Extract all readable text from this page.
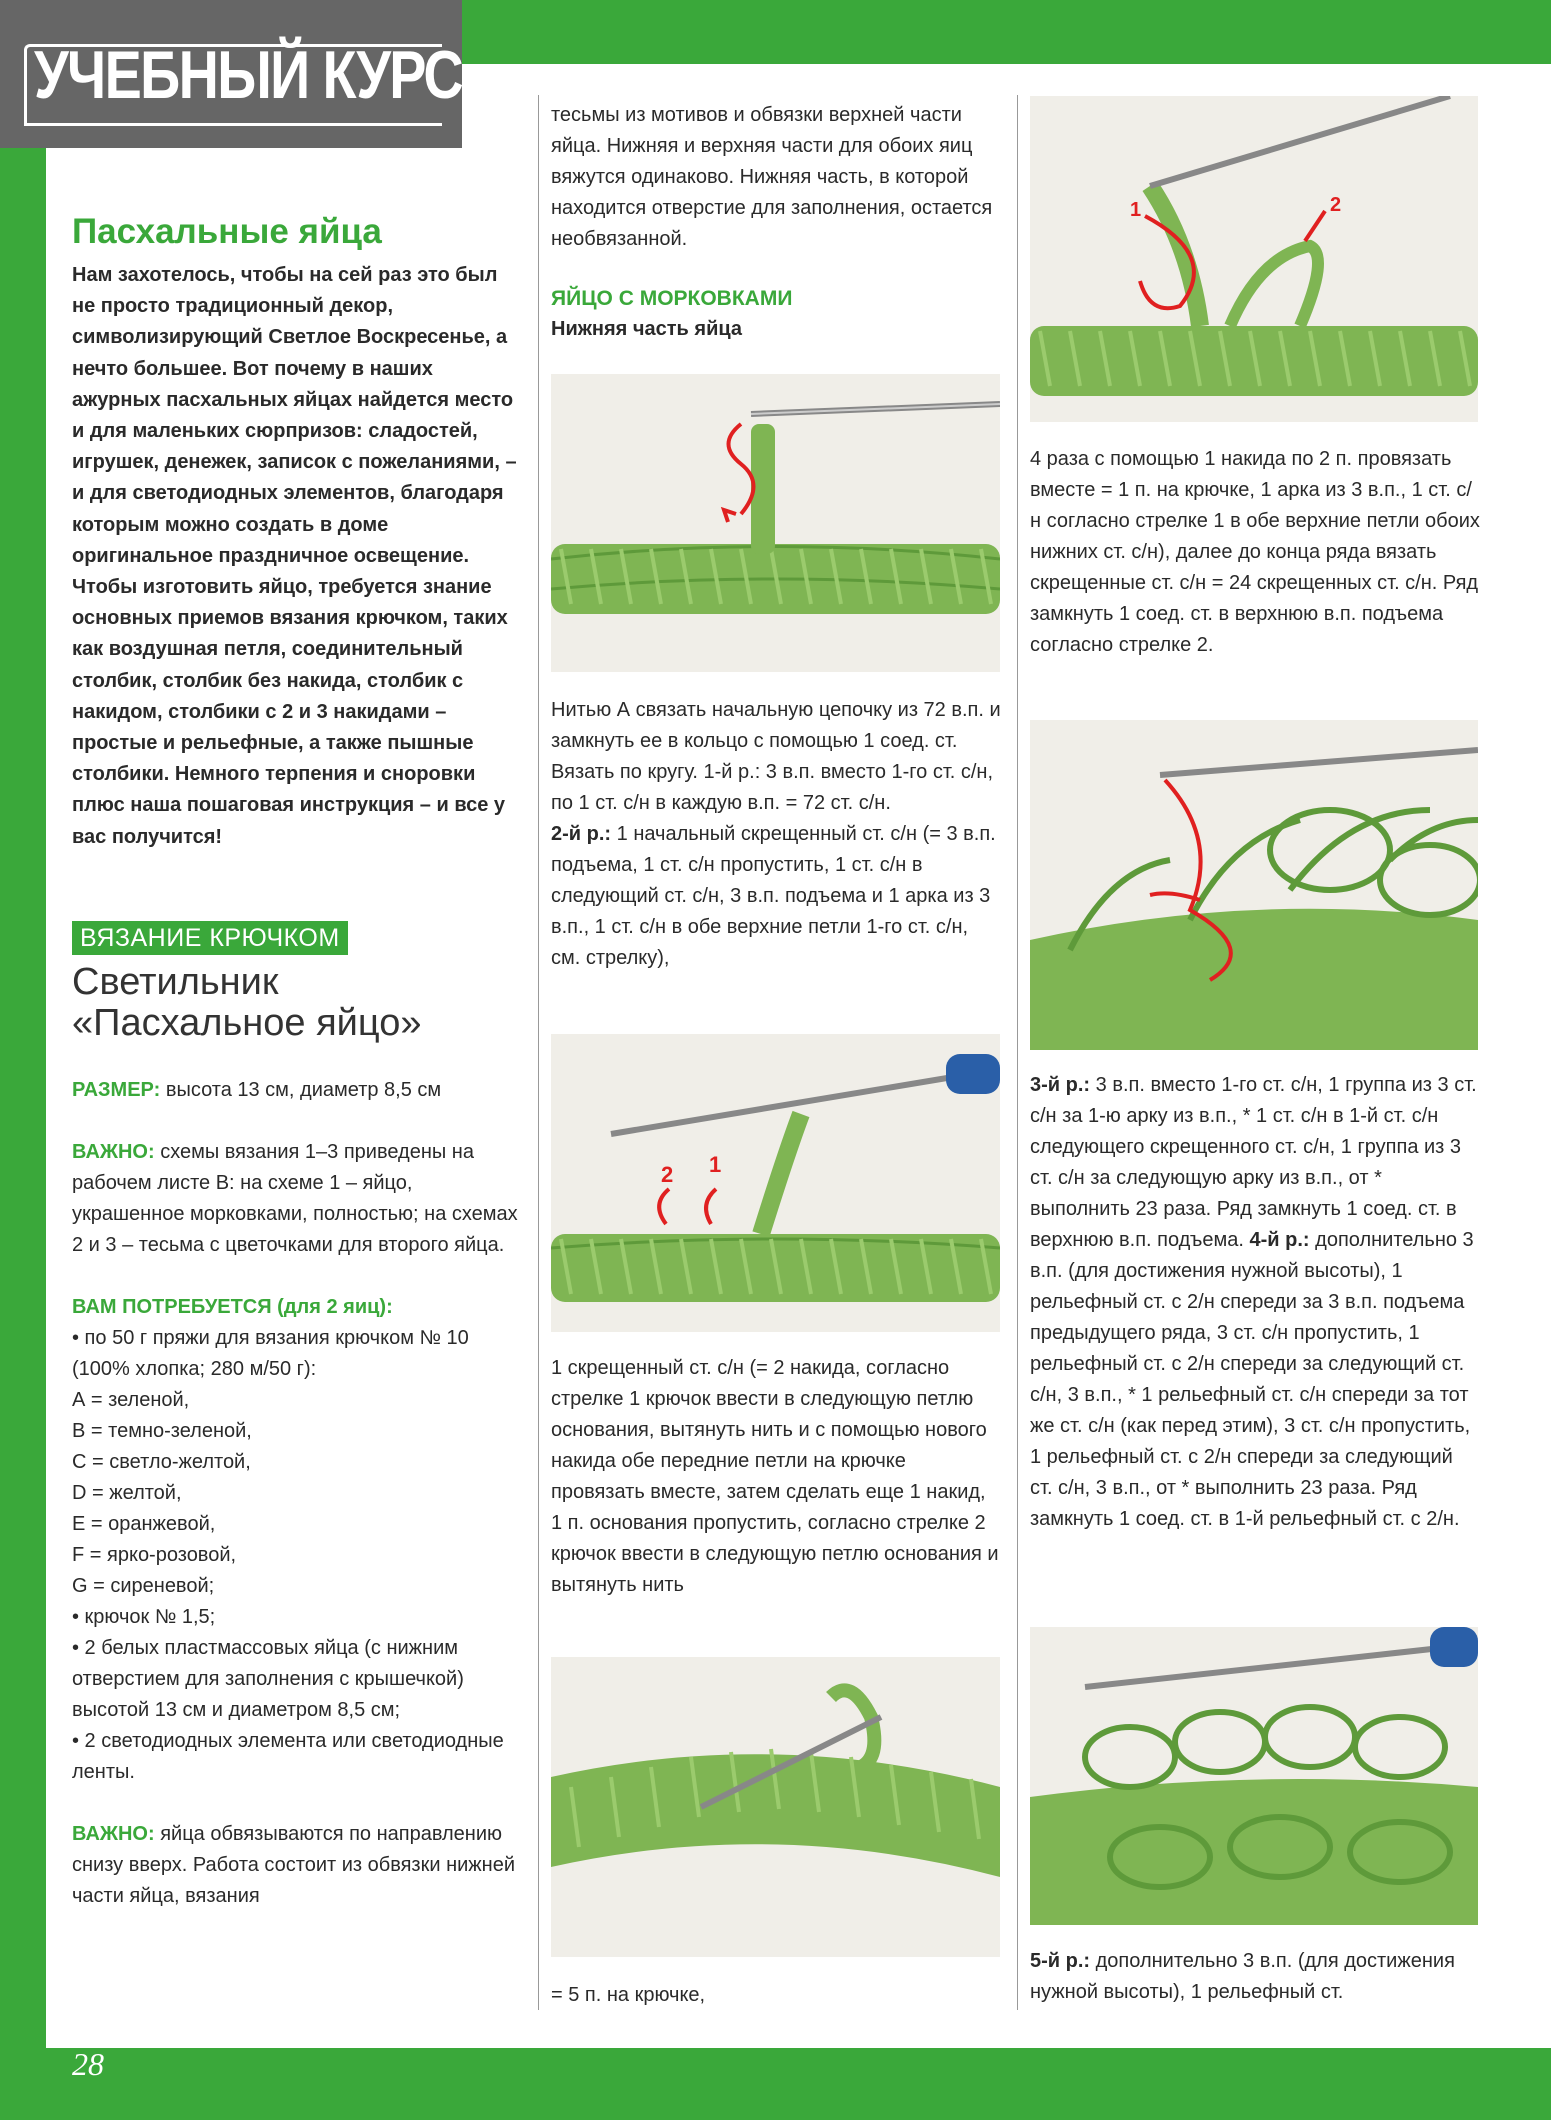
УЧЕБНЫЙ КУРС
Пасхальные яйца

Нам захотелось, чтобы на сей раз это был не просто традиционный декор, символизирующий Светлое Воскресенье, а нечто большее. Вот почему в наших ажурных пасхальных яйцах найдется место и для маленьких сюрпризов: сладостей, игрушек, денежек, записок с пожеланиями, – и для светодиодных элементов, благодаря которым можно создать в доме оригинальное праздничное освещение. Чтобы изготовить яйцо, требуется знание основных приемов вязания крючком, таких как воздушная петля, соединительный столбик, столбик без накида, столбик с накидом, столбики с 2 и 3 накидами – простые и рельефные, а также пышные столбики. Немного терпения и сноровки плюс наша пошаговая инструкция – и все у вас получится!

ВЯЗАНИЕ КРЮЧКОМ
Светильник
«Пасхальное яйцо»

РАЗМЕР: высота 13 см, диаметр 8,5 см

ВАЖНО: схемы вязания 1–3 приведены на рабочем листе В: на схеме 1 – яйцо, украшенное морковками, полностью; на схемах 2 и 3 – тесьма с цветочками для второго яйца.

ВАМ ПОТРЕБУЕТСЯ (для 2 яиц):

• по 50 г пряжи для вязания крючком № 10 (100% хлопка; 280 м/50 г):

А = зеленой,

В = темно-зеленой,

С = светло-желтой,

D = желтой,

Е = оранжевой,

F = ярко-розовой,

G = сиреневой;

• крючок № 1,5;

• 2 белых пластмассовых яйца (с нижним отверстием для заполнения с крышечкой) высотой 13 см и диаметром 8,5 см;

• 2 светодиодных элемента или светодиодные ленты.

ВАЖНО: яйца обвязываются по направлению снизу вверх. Работа состоит из обвязки нижней части яйца, вязания

тесьмы из мотивов и обвязки верхней части яйца. Нижняя и верхняя части для обоих яиц вяжутся одинаково. Нижняя часть, в которой находится отверстие для заполнения, остается необвязанной.

ЯЙЦО С МОРКОВКАМИ

Нижняя часть яйца

Нитью А связать начальную цепочку из 72 в.п. и замкнуть ее в кольцо с помощью 1 соед. ст. Вязать по кругу. 1-й р.: 3 в.п. вместо 1-го ст. с/н, по 1 ст. с/н в каждую в.п. = 72 ст. с/н.

2-й р.: 1 начальный скрещенный ст. с/н (= 3 в.п. подъема, 1 ст. с/н пропустить, 1 ст. с/н в следующий ст. с/н, 3 в.п. подъема и 1 арка из 3 в.п., 1 ст. с/н в обе верхние петли 1-го ст. с/н, см. стрелку),

1 скрещенный ст. с/н (= 2 накида, согласно стрелке 1 крючок ввести в следующую петлю основания, вытянуть нить и с помощью нового накида обе передние петли на крючке провязать вместе, затем сделать еще 1 накид, 1 п. основания пропустить, согласно стрелке 2 крючок ввести в следующую петлю основания и вытянуть нить

= 5 п. на крючке,

4 раза с помощью 1 накида по 2 п. провязать вместе = 1 п. на крючке, 1 арка из 3 в.п., 1 ст. с/н согласно стрелке 1 в обе верхние петли обоих нижних ст. с/н), далее до конца ряда вязать скрещенные ст. с/н = 24 скрещенных ст. с/н. Ряд замкнуть 1 соед. ст. в верхнюю в.п. подъема согласно стрелке 2.

3-й р.: 3 в.п. вместо 1-го ст. с/н, 1 группа из 3 ст. с/н за 1-ю арку из в.п., * 1 ст. с/н в 1-й ст. с/н следующего скрещенного ст. с/н, 1 группа из 3 ст. с/н за следующую арку из в.п., от * выполнить 23 раза. Ряд замкнуть 1 соед. ст. в верхнюю в.п. подъема. 4-й р.: дополнительно 3 в.п. (для достижения нужной высоты), 1 рельефный ст. с 2/н спереди за 3 в.п. подъема предыдущего ряда, 3 ст. с/н пропустить, 1 рельефный ст. с 2/н спереди за следующий ст. с/н, 3 в.п., * 1 рельефный ст. с/н спереди за тот же ст. с/н (как перед этим), 3 ст. с/н пропустить, 1 рельефный ст. с 2/н спереди за следующий ст. с/н, 3 в.п., от * выполнить 23 раза. Ряд замкнуть 1 соед. ст. в 1-й рельефный ст. с 2/н.

5-й р.: дополнительно 3 в.п. (для достижения нужной высоты), 1 рельефный ст.

2 1
1	2
28
